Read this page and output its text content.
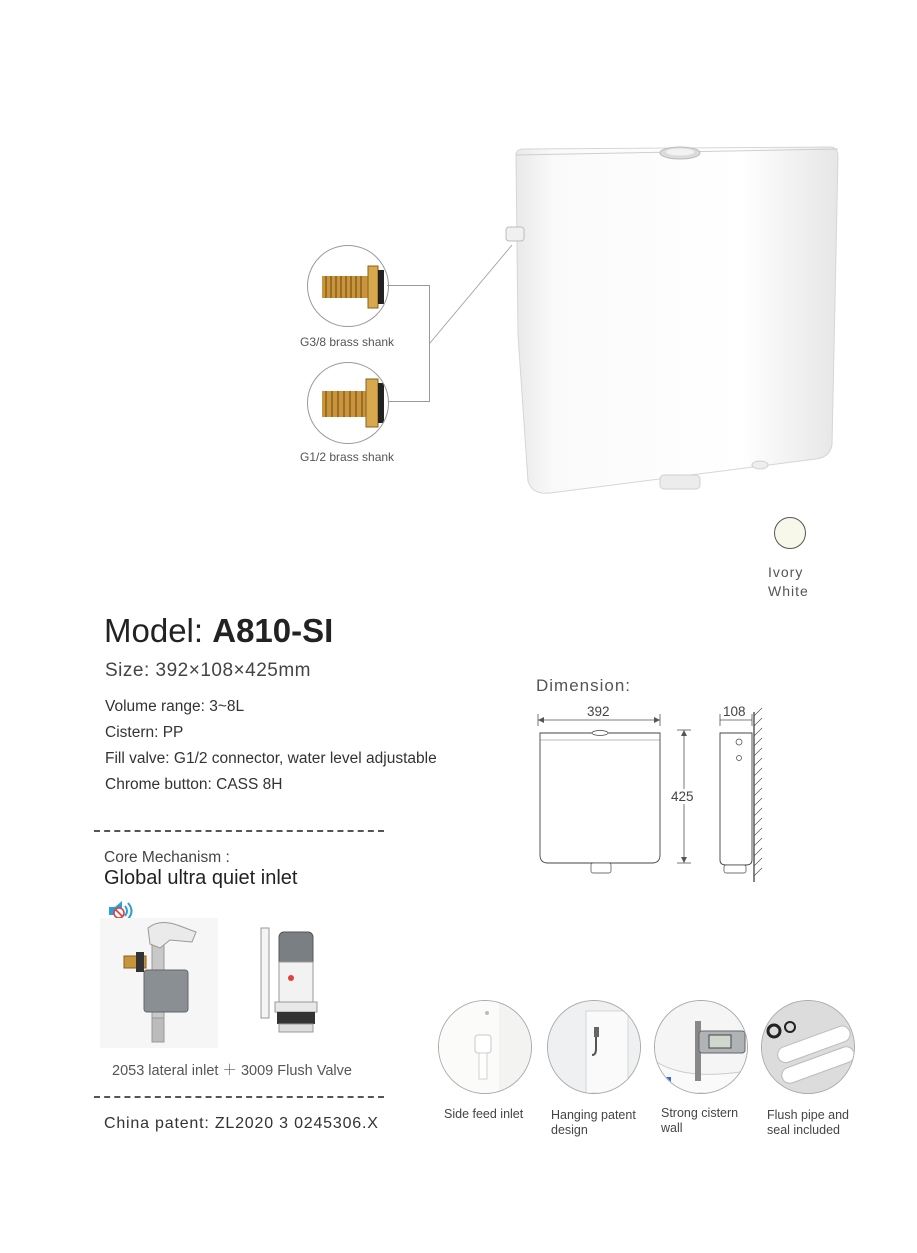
G3/8 brass shank
G1/2 brass shank
Ivory
White
Model: A810-SI
Size: 392×108×425mm
Volume range: 3~8L
Cistern: PP
Fill valve: G1/2 connector, water level adjustable
Chrome button: CASS 8H
Dimension:
392	108
425
Core Mechanism :
Global ultra quiet inlet
2053 lateral inlet ＋ 3009 Flush Valve
China patent: ZL2020 3 0245306.X
Side feed inlet	Hanging patent
design
Strong cistern
wall
Flush pipe and
seal included
